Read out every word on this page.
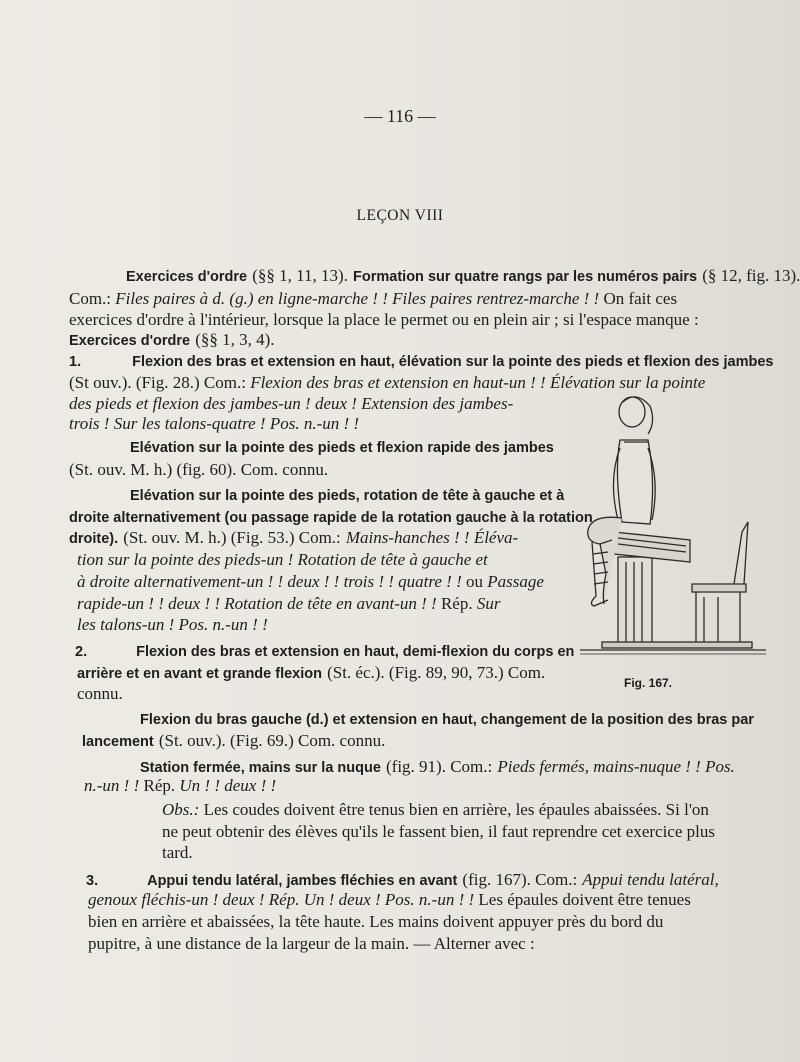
— 116 —
LEÇON VIII
Exercices d'ordre (§§ 1, 11, 13). Formation sur quatre rangs par les numéros pairs (§ 12, fig. 13).
Com.: Files paires à d. (g.) en ligne-marche ! ! Files paires rentrez-marche ! ! On fait ces
exercices d'ordre à l'intérieur, lorsque la place le permet ou en plein air ; si l'espace manque :
Exercices d'ordre (§§ 1, 3, 4).
1.	Flexion des bras et extension en haut, élévation sur la pointe des pieds et flexion des jambes
(St ouv.). (Fig. 28.) Com.: Flexion des bras et extension en haut-un ! ! Élévation sur la pointe
des pieds et flexion des jambes-un ! deux ! Extension des jambes-
trois ! Sur les talons-quatre ! Pos. n.-un ! !
Elévation sur la pointe des pieds et flexion rapide des jambes
(St. ouv. M. h.) (fig. 60). Com. connu.
Elévation sur la pointe des pieds, rotation de tête à gauche et à
droite alternativement (ou passage rapide de la rotation gauche à la rotation
droite). (St. ouv. M. h.) (Fig. 53.) Com.: Mains-hanches ! ! Éléva-
tion sur la pointe des pieds-un ! Rotation de tête à gauche et
à droite alternativement-un ! ! deux ! ! trois ! ! quatre ! ! ou Passage
rapide-un ! ! deux ! ! Rotation de tête en avant-un ! ! Rép. Sur
les talons-un ! Pos. n.-un ! !
2.	Flexion des bras et extension en haut, demi-flexion du corps en
arrière et en avant et grande flexion (St. éc.). (Fig. 89, 90, 73.) Com.
connu.
Flexion du bras gauche (d.) et extension en haut, changement de la position des bras par
lancement (St. ouv.). (Fig. 69.) Com. connu.
Station fermée, mains sur la nuque (fig. 91). Com.: Pieds fermés, mains-nuque ! ! Pos.
n.-un ! ! Rép. Un ! ! deux ! !
Obs.: Les coudes doivent être tenus bien en arrière, les épaules abaissées. Si l'on
ne peut obtenir des élèves qu'ils le fassent bien, il faut reprendre cet exercice plus
tard.
3.	Appui tendu latéral, jambes fléchies en avant (fig. 167). Com.: Appui tendu latéral,
genoux fléchis-un ! deux ! Rép. Un ! deux ! Pos. n.-un ! ! Les épaules doivent être tenues
bien en arrière et abaissées, la tête haute. Les mains doivent appuyer près du bord du
pupitre, à une distance de la largeur de la main. — Alterner avec :
Fig. 167.
